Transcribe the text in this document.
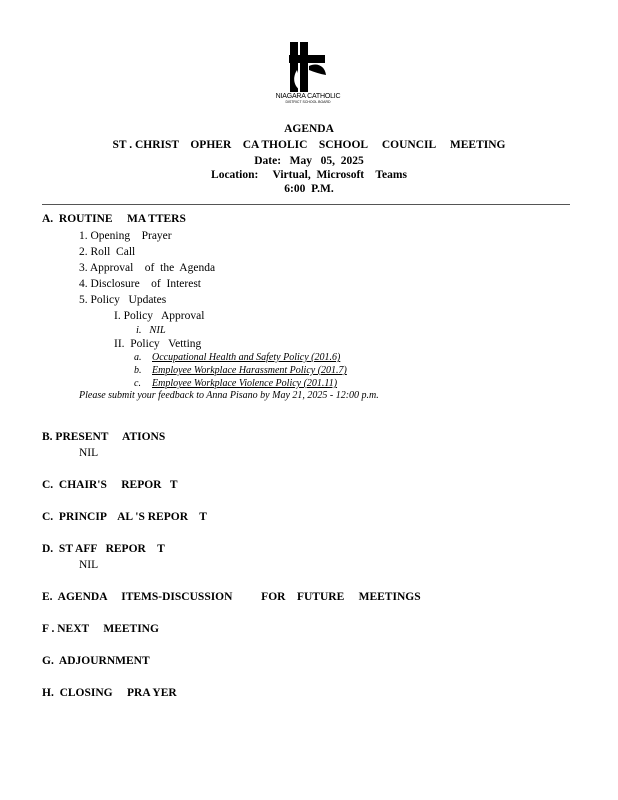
NIAGARA CATHOLIC
DISTRICT SCHOOL BOARD
AGENDA
ST . CHRIST    OPHER    CA THOLIC    SCHOOL     COUNCIL     MEETING
Date:   May   05,  2025
Location:     Virtual,  Microsoft    Teams
6:00  P.M.
A.  ROUTINE     MA TTERS
1. Opening    Prayer
2. Roll  Call
3. Approval    of  the  Agenda
4. Disclosure    of  Interest
5. Policy   Updates
I. Policy   Approval
i.   NIL
II.  Policy   Vetting
a. Occupational Health and Safety Policy (201.6)
b. Employee Workplace Harassment Policy (201.7)
c. Employee Workplace Violence Policy (201.11)
Please submit your feedback to Anna Pisano by May 21, 2025 - 12:00 p.m.
B. PRESENT     ATIONS
NIL
C.  CHAIR'S     REPOR   T
C.  PRINCIP    AL 'S REPOR    T
D.  ST AFF   REPOR    T
NIL
E.  AGENDA     ITEMS-DISCUSSION          FOR    FUTURE     MEETINGS
F . NEXT     MEETING
G.  ADJOURNMENT
H.  CLOSING     PRA YER
